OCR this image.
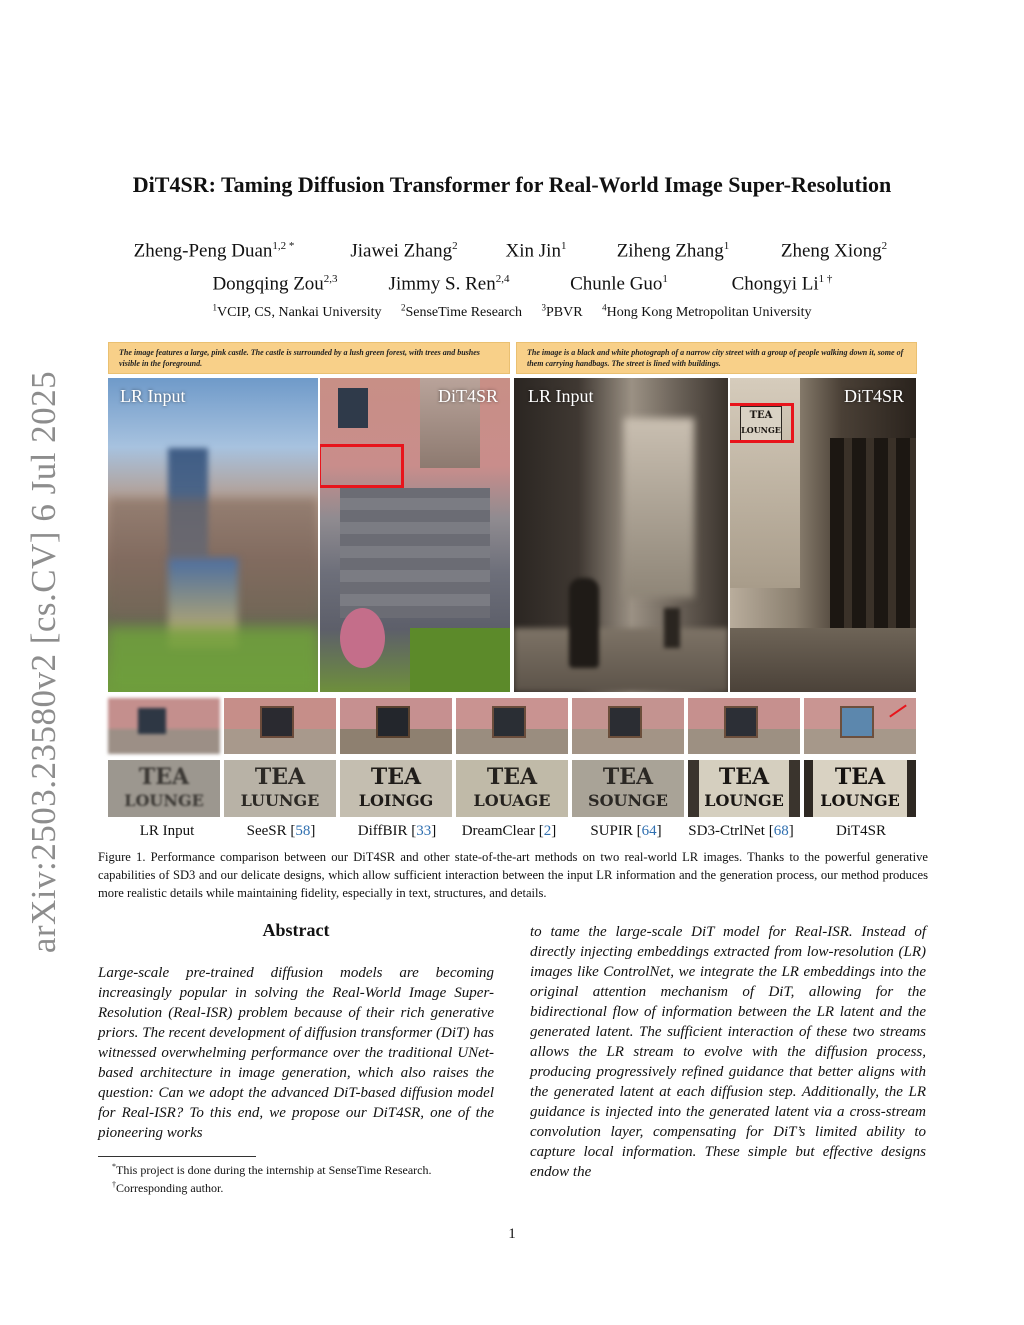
arXiv:2503.23580v2 [cs.CV] 6 Jul 2025
DiT4SR: Taming Diffusion Transformer for Real-World Image Super-Resolution
Zheng-Peng Duan$^{1,2 *}$	Jiawei Zhang$^2$	Xin Jin$^1$	Ziheng Zhang$^1$	Zheng Xiong$^2$
Dongqing Zou$^{2,3}$	Jimmy S. Ren$^{2,4}$	Chunle Guo$^1$	Chongyi $Li^{1 \dagger}$
$^1$VCIP, CS, Nankai University $^2$SenseTime Research $^3$PBVR $^4$Hong Kong Metropolitan University
The image features a large, pink castle. The castle is surrounded by a lush green forest, with trees and bushes visible in the foreground.
The image is a black and white photograph of a narrow city street with a group of people walking down it, some of them carrying handbags. The street is lined with buildings.
LR Input	DiT4SR LR Input
TEA
LOUNGE
DiT4SR
TEA
LOUNGE
TEA
LUUNGE
TEA
LOINGG
TEA
LOUAGE
TEA
SOUNGE
TEA
LOUNGE
TEA
LOUNGE
LR Input	SeeSR [58]	DiffBIR [33] DreamClear [2] SUPIR [64] SD3-CtrlNet [68]	DiT4SR
Figure 1. Performance comparison between our DiT4SR and other state-of-the-art methods on two real-world LR images. Thanks to the powerful generative capabilities of SD3 and our delicate designs, which allow sufficient interaction between the input LR information and the generation process, our method produces more realistic details while maintaining fidelity, especially in text, structures, and details.
Abstract
Large-scale pre-trained diffusion models are becoming increasingly popular in solving the Real-World Image Super-Resolution (Real-ISR) problem because of their rich generative priors. The recent development of diffusion transformer (DiT) has witnessed overwhelming performance over the traditional UNet-based architecture in image generation, which also raises the question: Can we adopt the advanced DiT-based diffusion model for Real-ISR? To this end, we propose our DiT4SR, one of the pioneering works
to tame the large-scale DiT model for Real-ISR. Instead of directly injecting embeddings extracted from low-resolution (LR) images like ControlNet, we integrate the LR embeddings into the original attention mechanism of DiT, allowing for the bidirectional flow of information between the LR latent and the generated latent. The sufficient interaction of these two streams allows the LR stream to evolve with the diffusion process, producing progressively refined guidance that better aligns with the generated latent at each diffusion step. Additionally, the LR guidance is injected into the generated latent via a cross-stream convolution layer, compensating for DiT’s limited ability to capture local information. These simple but effective designs endow the
*This project is done during the internship at SenseTime Research.
†Corresponding author.
1
